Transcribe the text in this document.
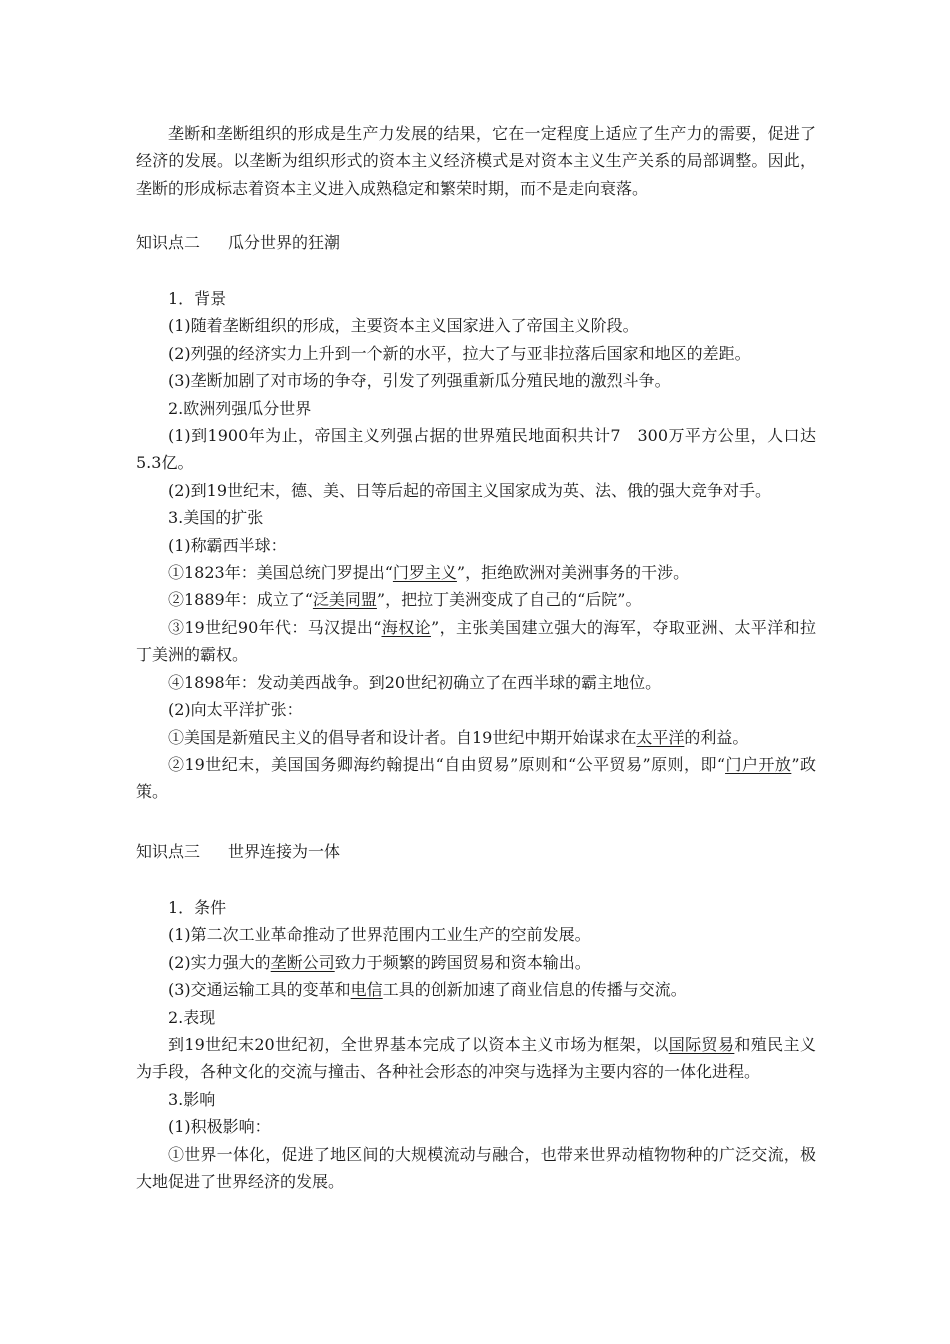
垄断和垄断组织的形成是生产力发展的结果，它在一定程度上适应了生产力的需要，促进了经济的发展。以垄断为组织形式的资本主义经济模式是对资本主义生产关系的局部调整。因此，垄断的形成标志着资本主义进入成熟稳定和繁荣时期，而不是走向衰落。

知识点二 瓜分世界的狂潮

1．背景

(1)随着垄断组织的形成，主要资本主义国家进入了帝国主义阶段。

(2)列强的经济实力上升到一个新的水平，拉大了与亚非拉落后国家和地区的差距。

(3)垄断加剧了对市场的争夺，引发了列强重新瓜分殖民地的激烈斗争。

2.欧洲列强瓜分世界

(1)到1900年为止，帝国主义列强占据的世界殖民地面积共计7　300万平方公里，人口达5.3亿。

(2)到19世纪末，德、美、日等后起的帝国主义国家成为英、法、俄的强大竞争对手。

3.美国的扩张

(1)称霸西半球：

①1823年：美国总统门罗提出“门罗主义”，拒绝欧洲对美洲事务的干涉。

②1889年：成立了“泛美同盟”，把拉丁美洲变成了自己的“后院”。

③19世纪90年代：马汉提出“海权论”，主张美国建立强大的海军，夺取亚洲、太平洋和拉丁美洲的霸权。

④1898年：发动美西战争。到20世纪初确立了在西半球的霸主地位。

(2)向太平洋扩张：

①美国是新殖民主义的倡导者和设计者。自19世纪中期开始谋求在太平洋的利益。

②19世纪末，美国国务卿海约翰提出“自由贸易”原则和“公平贸易”原则，即“门户开放”政策。

知识点三 世界连接为一体

1．条件

(1)第二次工业革命推动了世界范围内工业生产的空前发展。

(2)实力强大的垄断公司致力于频繁的跨国贸易和资本输出。

(3)交通运输工具的变革和电信工具的创新加速了商业信息的传播与交流。

2.表现

到19世纪末20世纪初，全世界基本完成了以资本主义市场为框架，以国际贸易和殖民主义为手段，各种文化的交流与撞击、各种社会形态的冲突与选择为主要内容的一体化进程。

3.影响

(1)积极影响：

①世界一体化，促进了地区间的大规模流动与融合，也带来世界动植物物种的广泛交流，极大地促进了世界经济的发展。
